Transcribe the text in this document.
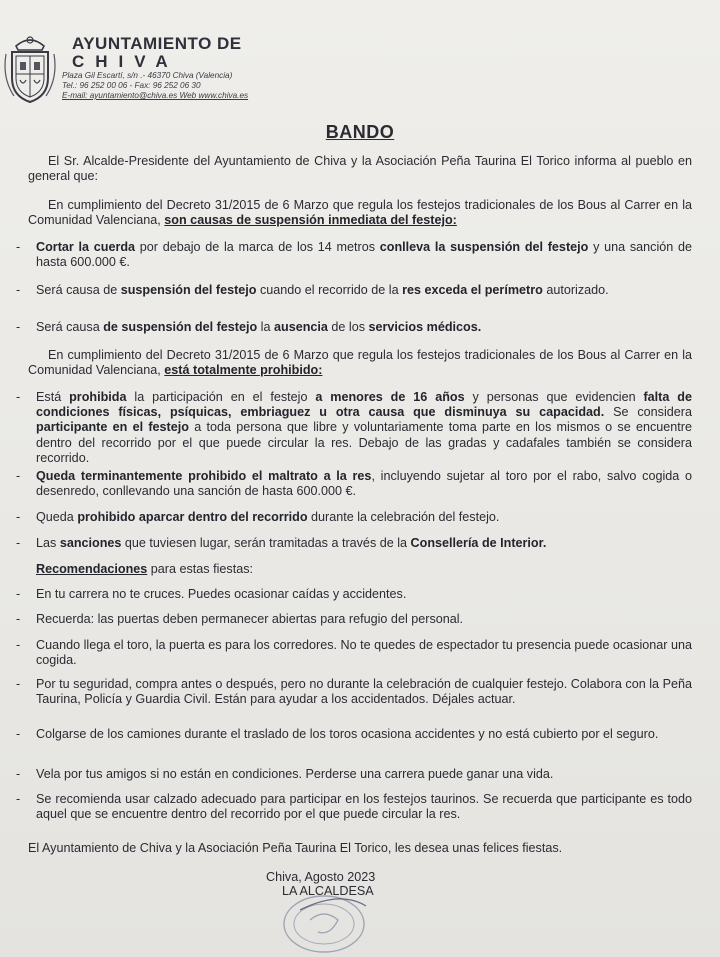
AYUNTAMIENTO DE
CHIVA
Plaza Gil Escartí, s/n .- 46370 Chiva (Valencia)
Tel.: 96 252 00 06 - Fax: 96 252 06 30
E-mail: ayuntamiento@chiva.es Web www.chiva.es
BANDO
El Sr. Alcalde-Presidente del Ayuntamiento de Chiva y la Asociación Peña Taurina El Torico informa al pueblo en general que:
En cumplimiento del Decreto 31/2015 de 6 Marzo que regula los festejos tradicionales de los Bous al Carrer en la Comunidad Valenciana, son causas de suspensión inmediata del festejo:
- Cortar la cuerda por debajo de la marca de los 14 metros conlleva la suspensión del festejo y una sanción de hasta 600.000 €.
- Será causa de suspensión del festejo cuando el recorrido de la res exceda el perímetro autorizado.
- Será causa de suspensión del festejo la ausencia de los servicios médicos.
En cumplimiento del Decreto 31/2015 de 6 Marzo que regula los festejos tradicionales de los Bous al Carrer en la Comunidad Valenciana, está totalmente prohibido:
- Está prohibida la participación en el festejo a menores de 16 años y personas que evidencien falta de condiciones físicas, psíquicas, embriaguez u otra causa que disminuya su capacidad. Se considera participante en el festejo a toda persona que libre y voluntariamente toma parte en los mismos o se encuentre dentro del recorrido por el que puede circular la res. Debajo de las gradas y cadafales también se considera recorrido.
- Queda terminantemente prohibido el maltrato a la res, incluyendo sujetar al toro por el rabo, salvo cogida o desenredo, conllevando una sanción de hasta 600.000 €.
- Queda prohibido aparcar dentro del recorrido durante la celebración del festejo.
- Las sanciones que tuviesen lugar, serán tramitadas a través de la Consellería de Interior.
Recomendaciones para estas fiestas:
- En tu carrera no te cruces. Puedes ocasionar caídas y accidentes.
- Recuerda: las puertas deben permanecer abiertas para refugio del personal.
- Cuando llega el toro, la puerta es para los corredores. No te quedes de espectador tu presencia puede ocasionar una cogida.
- Por tu seguridad, compra antes o después, pero no durante la celebración de cualquier festejo. Colabora con la Peña Taurina, Policía y Guardia Civil. Están para ayudar a los accidentados. Déjales actuar.
- Colgarse de los camiones durante el traslado de los toros ocasiona accidentes y no está cubierto por el seguro.
- Vela por tus amigos si no están en condiciones. Perderse una carrera puede ganar una vida.
- Se recomienda usar calzado adecuado para participar en los festejos taurinos. Se recuerda que participante es todo aquel que se encuentre dentro del recorrido por el que puede circular la res.
El Ayuntamiento de Chiva y la Asociación Peña Taurina El Torico, les desea unas felices fiestas.
Chiva, Agosto 2023
LA ALCALDESA
